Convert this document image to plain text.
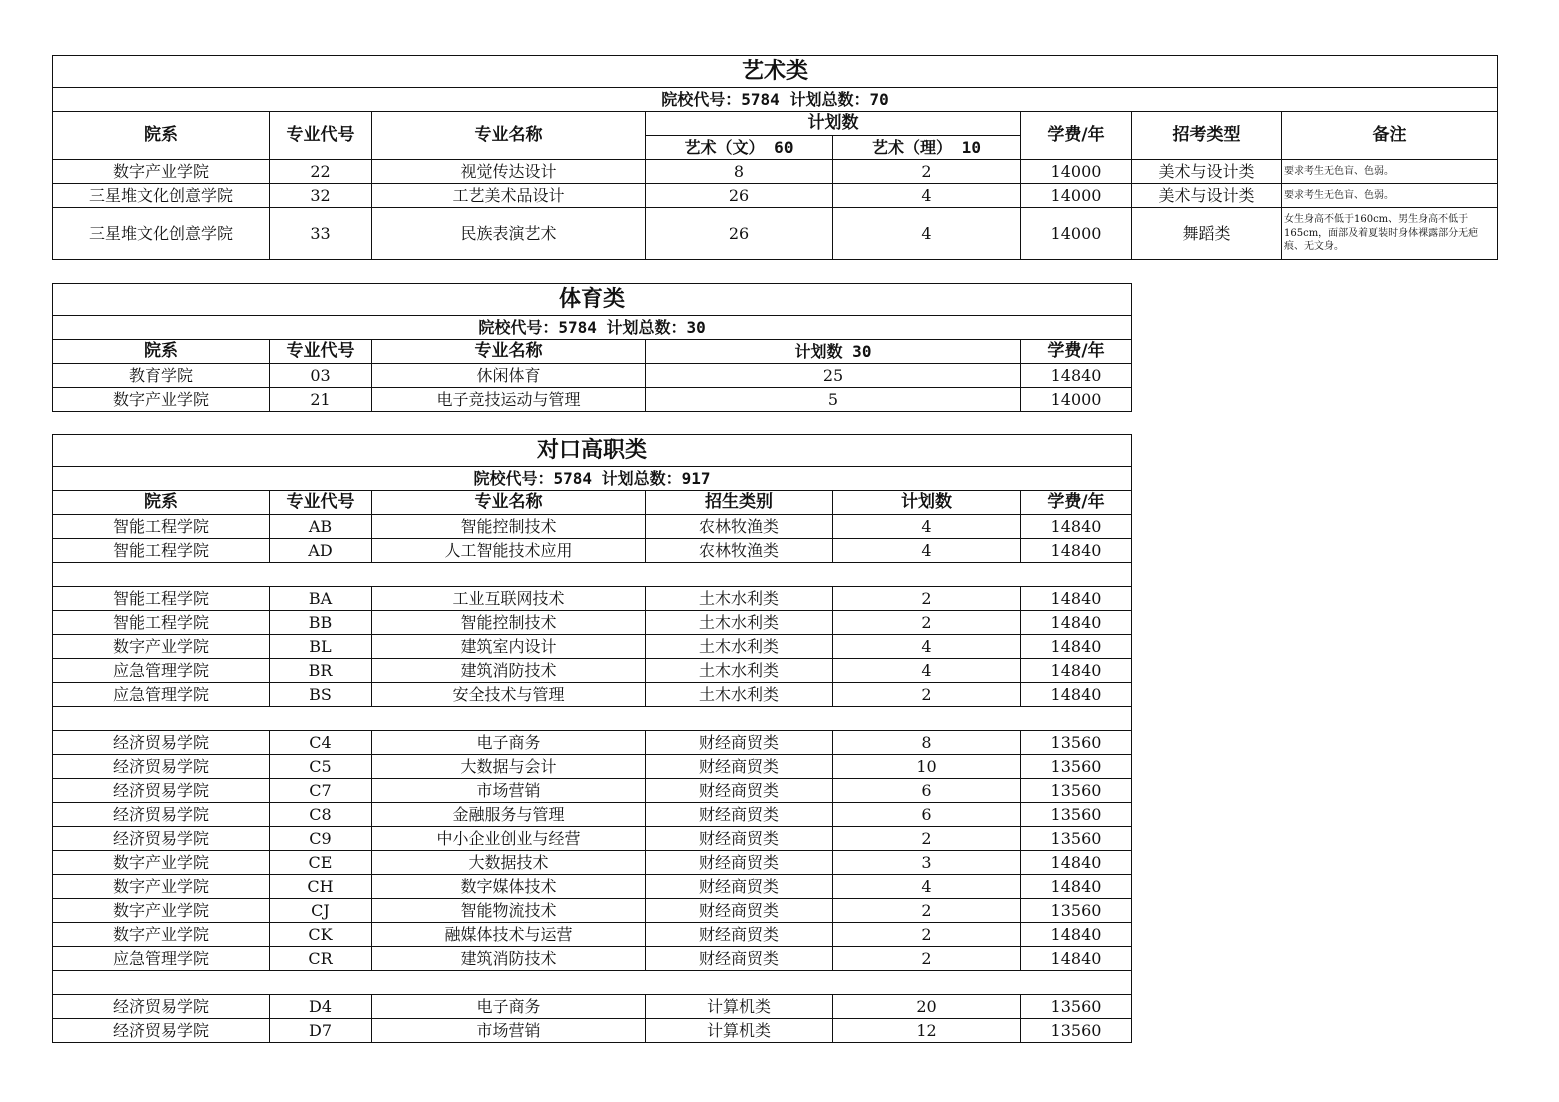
艺术类							
院校代号：5784 计划总数：70							
院系	专业代号	专业名称	计划数		学费/年	招考类型	备注
			艺术（文） 60	艺术（理） 10			
数字产业学院	22	视觉传达设计	8	2	14000	美术与设计类	要求考生无色盲、色弱。
三星堆文化创意学院	32	工艺美术品设计	26	4	14000	美术与设计类	要求考生无色盲、色弱。
三星堆文化创意学院	33	民族表演艺术	26	4	14000	舞蹈类	女生身高不低于160cm、男生身高不低于165cm，面部及着夏装时身体裸露部分无疤痕、无文身。
体育类				
院校代号：5784 计划总数：30				
院系	专业代号	专业名称	计划数 30	学费/年
教育学院	03	休闲体育	25	14840
数字产业学院	21	电子竞技运动与管理	5	14000
对口高职类					
院校代号：5784 计划总数：917					
院系	专业代号	专业名称	招生类别	计划数	学费/年
智能工程学院	AB	智能控制技术	农林牧渔类	4	14840
智能工程学院	AD	人工智能技术应用	农林牧渔类	4	14840

智能工程学院	BA	工业互联网技术	土木水利类	2	14840
智能工程学院	BB	智能控制技术	土木水利类	2	14840
数字产业学院	BL	建筑室内设计	土木水利类	4	14840
应急管理学院	BR	建筑消防技术	土木水利类	4	14840
应急管理学院	BS	安全技术与管理	土木水利类	2	14840

经济贸易学院	C4	电子商务	财经商贸类	8	13560
经济贸易学院	C5	大数据与会计	财经商贸类	10	13560
经济贸易学院	C7	市场营销	财经商贸类	6	13560
经济贸易学院	C8	金融服务与管理	财经商贸类	6	13560
经济贸易学院	C9	中小企业创业与经营	财经商贸类	2	13560
数字产业学院	CE	大数据技术	财经商贸类	3	14840
数字产业学院	CH	数字媒体技术	财经商贸类	4	14840
数字产业学院	CJ	智能物流技术	财经商贸类	2	13560
数字产业学院	CK	融媒体技术与运营	财经商贸类	2	14840
应急管理学院	CR	建筑消防技术	财经商贸类	2	14840

经济贸易学院	D4	电子商务	计算机类	20	13560
经济贸易学院	D7	市场营销	计算机类	12	13560
